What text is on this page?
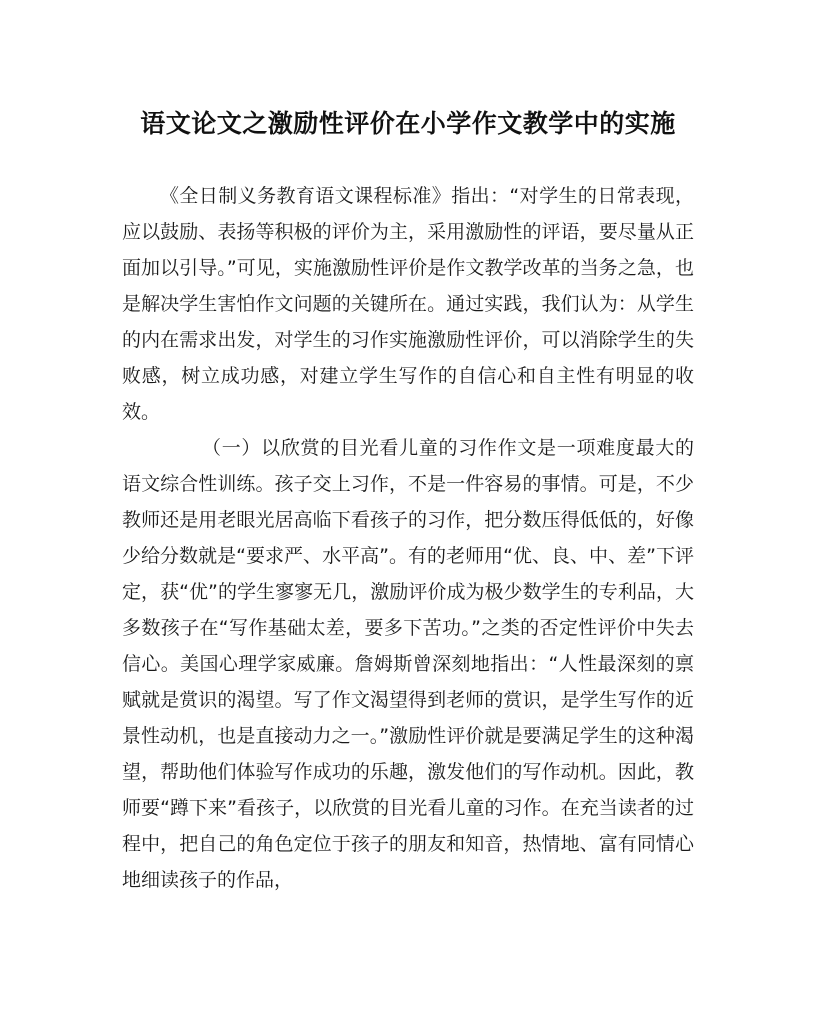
语文论文之激励性评价在小学作文教学中的实施

《全日制义务教育语文课程标准》指出：“对学生的日常表现，应以鼓励、表扬等积极的评价为主，采用激励性的评语，要尽量从正面加以引导。”可见，实施激励性评价是作文教学改革的当务之急，也是解决学生害怕作文问题的关键所在。通过实践，我们认为：从学生的内在需求出发，对学生的习作实施激励性评价，可以消除学生的失败感，树立成功感，对建立学生写作的自信心和自主性有明显的收效。

（一）以欣赏的目光看儿童的习作作文是一项难度最大的语文综合性训练。孩子交上习作，不是一件容易的事情。可是，不少教师还是用老眼光居高临下看孩子的习作，把分数压得低低的，好像少给分数就是“要求严、水平高”。有的老师用“优、良、中、差”下评定，获“优”的学生寥寥无几，激励评价成为极少数学生的专利品，大多数孩子在“写作基础太差，要多下苦功。”之类的否定性评价中失去信心。美国心理学家威廉。詹姆斯曾深刻地指出：“人性最深刻的禀赋就是赏识的渴望。写了作文渴望得到老师的赏识，是学生写作的近景性动机，也是直接动力之一。”激励性评价就是要满足学生的这种渴望，帮助他们体验写作成功的乐趣，激发他们的写作动机。因此，教师要“蹲下来”看孩子，以欣赏的目光看儿童的习作。在充当读者的过程中，把自己的角色定位于孩子的朋友和知音，热情地、富有同情心地细读孩子的作品，
